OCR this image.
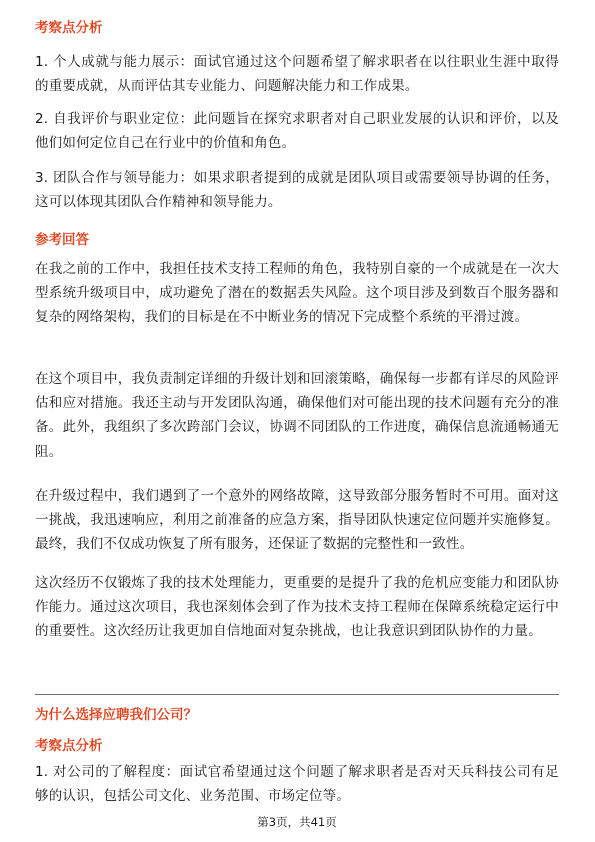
考察点分析
1. 个人成就与能力展示：面试官通过这个问题希望了解求职者在以往职业生涯中取得的重要成就，从而评估其专业能力、问题解决能力和工作成果。
2. 自我评价与职业定位：此问题旨在探究求职者对自己职业发展的认识和评价，以及他们如何定位自己在行业中的价值和角色。
3. 团队合作与领导能力：如果求职者提到的成就是团队项目或需要领导协调的任务，这可以体现其团队合作精神和领导能力。
参考回答
在我之前的工作中，我担任技术支持工程师的角色，我特别自豪的一个成就是在一次大型系统升级项目中，成功避免了潜在的数据丢失风险。这个项目涉及到数百个服务器和复杂的网络架构，我们的目标是在不中断业务的情况下完成整个系统的平滑过渡。
在这个项目中，我负责制定详细的升级计划和回滚策略，确保每一步都有详尽的风险评估和应对措施。我还主动与开发团队沟通，确保他们对可能出现的技术问题有充分的准备。此外，我组织了多次跨部门会议，协调不同团队的工作进度，确保信息流通畅通无阻。
在升级过程中，我们遇到了一个意外的网络故障，这导致部分服务暂时不可用。面对这一挑战，我迅速响应，利用之前准备的应急方案，指导团队快速定位问题并实施修复。最终，我们不仅成功恢复了所有服务，还保证了数据的完整性和一致性。
这次经历不仅锻炼了我的技术处理能力，更重要的是提升了我的危机应变能力和团队协作能力。通过这次项目，我也深刻体会到了作为技术支持工程师在保障系统稳定运行中的重要性。这次经历让我更加自信地面对复杂挑战，也让我意识到团队协作的力量。
为什么选择应聘我们公司？
考察点分析
1. 对公司的了解程度：面试官希望通过这个问题了解求职者是否对天兵科技公司有足够的认识，包括公司文化、业务范围、市场定位等。
第3页，共41页
